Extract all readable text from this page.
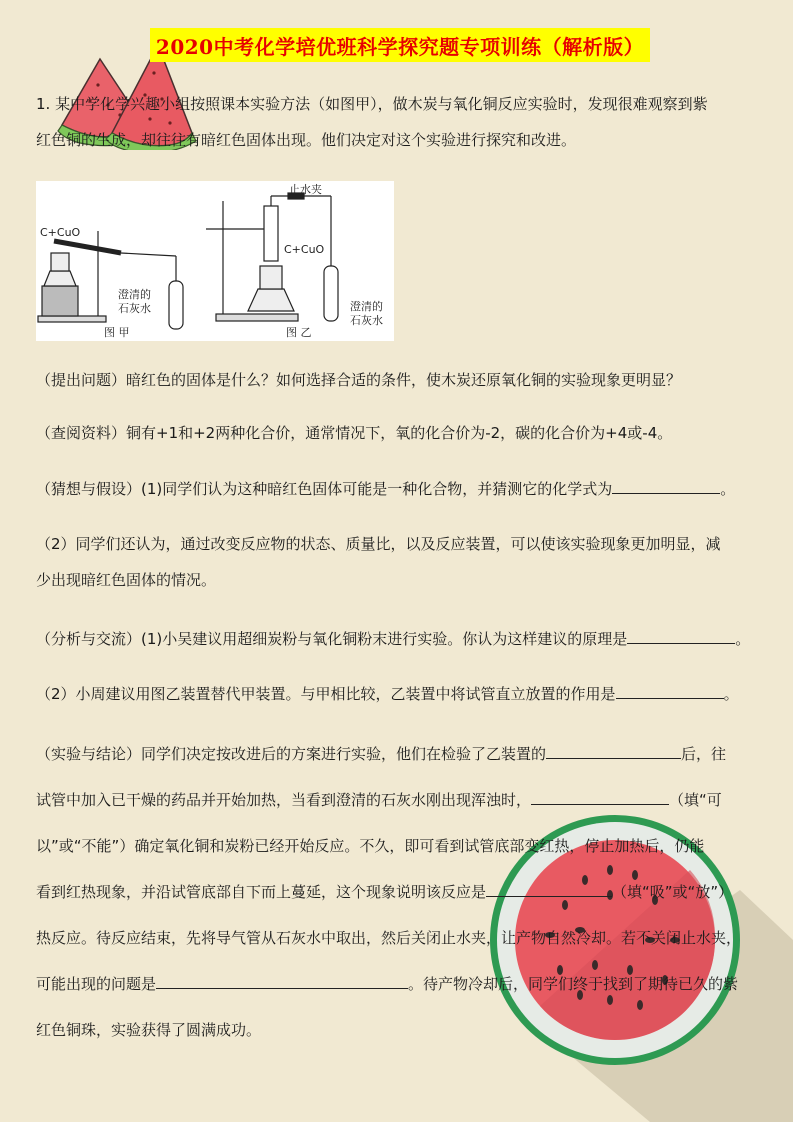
2020中考化学培优班科学探究题专项训练（解析版）
1. 某中学化学兴趣小组按照课本实验方法（如图甲），做木炭与氧化铜反应实验时，发现很难观察到紫
红色铜的生成，却往往有暗红色固体出现。他们决定对这个实验进行探究和改进。
C+CuO
澄清的
石灰水
图 甲
止水夹
C+CuO
澄清的
石灰水
图 乙
（提出问题）暗红色的固体是什么？如何选择合适的条件，使木炭还原氧化铜的实验现象更明显？
（查阅资料）铜有+1和+2两种化合价，通常情况下，氧的化合价为-2，碳的化合价为+4或-4。
（猜想与假设）(1)同学们认为这种暗红色固体可能是一种化合物，并猜测它的化学式为	。
（2）同学们还认为，通过改变反应物的状态、质量比，以及反应装置，可以使该实验现象更加明显，减
少出现暗红色固体的情况。
（分析与交流）(1)小吴建议用超细炭粉与氧化铜粉末进行实验。你认为这样建议的原理是	。
（2）小周建议用图乙装置替代甲装置。与甲相比较，乙装置中将试管直立放置的作用是	。
（实验与结论）同学们决定按改进后的方案进行实验，他们在检验了乙装置的	后，往
试管中加入已干燥的药品并开始加热，当看到澄清的石灰水刚出现浑浊时，	（填“可
以”或“不能”）确定氧化铜和炭粉已经开始反应。不久，即可看到试管底部变红热，停止加热后，仍能
看到红热现象，并沿试管底部自下而上蔓延，这个现象说明该反应是	（填“吸”或“放”）
热反应。待反应结束，先将导气管从石灰水中取出，然后关闭止水夹，让产物自然冷却。若不关闭止水夹，
可能出现的问题是	。待产物冷却后，同学们终于找到了期待已久的紫
红色铜珠，实验获得了圆满成功。
